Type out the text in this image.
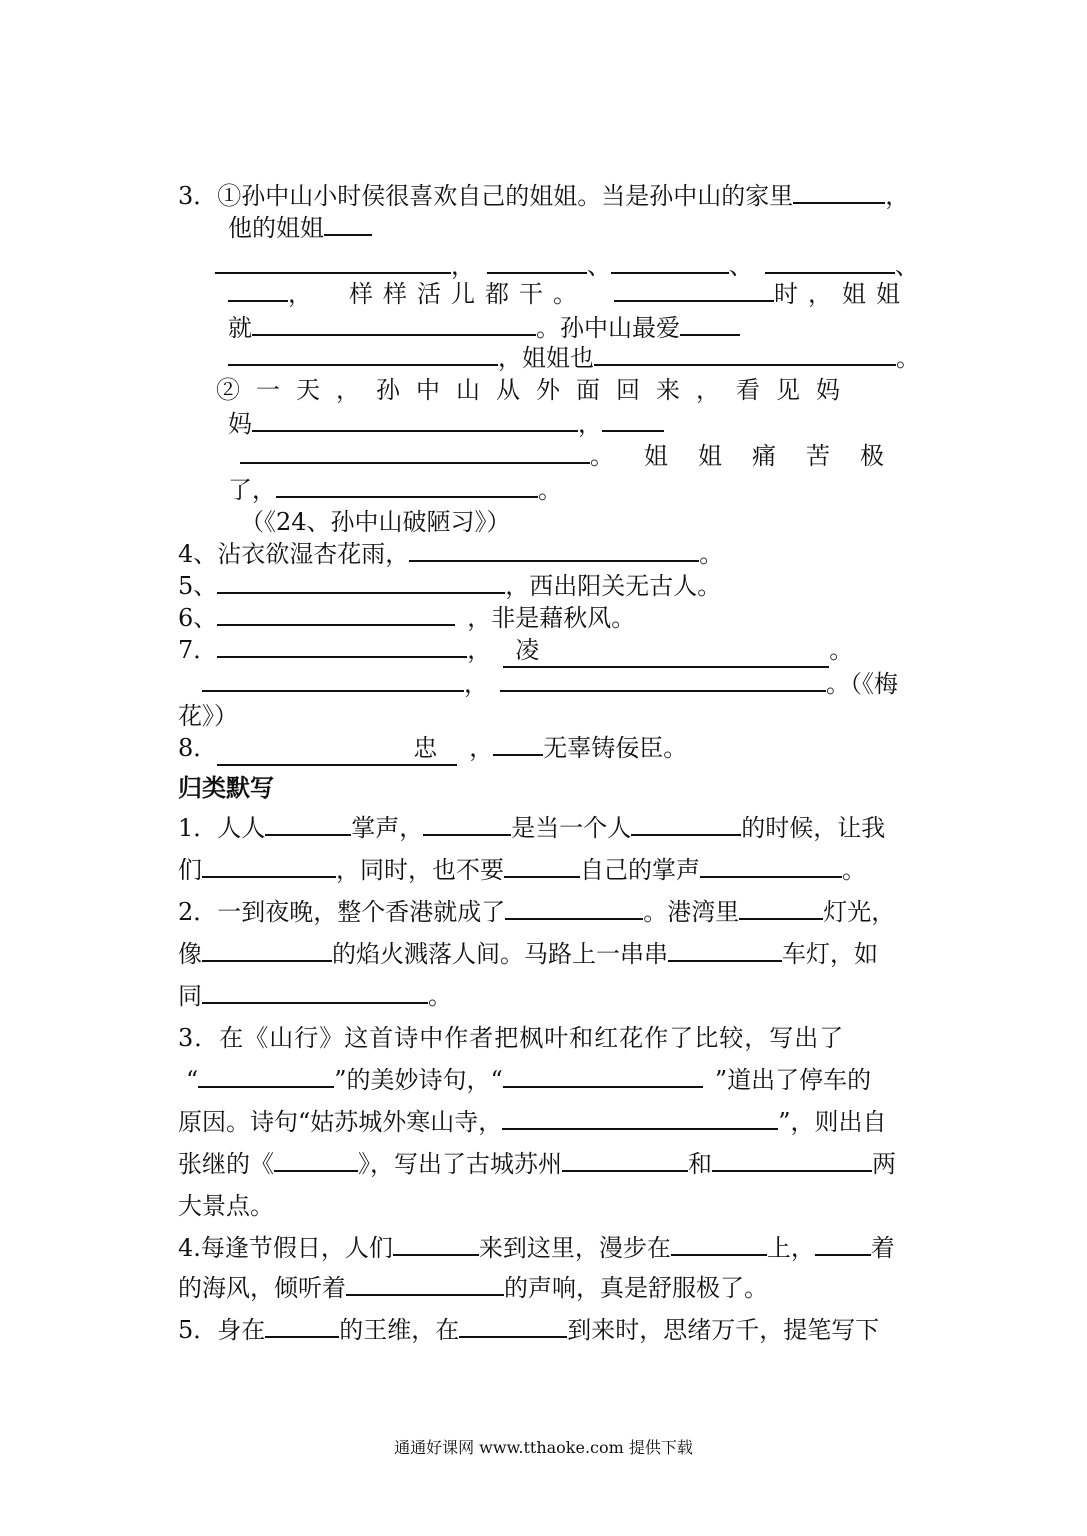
3．①孙中山小时侯很喜欢自己的姐姐。当是孙中山的家里	，
他的姐姐
，	、	、	、
， 样样活儿都干。	时，姐姐
就	。孙中山最爱
，姐姐也	。
②一天，孙中山从外面回来，看见妈
妈	，
。姐姐痛苦极
了，	。
（《24、孙中山破陋习》）
4、沾衣欲湿杏花雨，	。
5、	，西出阳关无古人。
6、	，非是藉秋风。
7．	， 凌	。
，	。（《梅
花》）
8．	忠 ， 无辜铸佞臣。
归类默写
1．人人	掌声，	是当一个人	的时候，让我
们	，同时，也不要	自己的掌声	。
2．一到夜晚，整个香港就成了	。港湾里	灯光，
像	的焰火溅落人间。马路上一串串	车灯，如
同	。
3．在《山行》这首诗中作者把枫叶和红花作了比较，写出了
“	”的美妙诗句，“	”道出了停车的
原因。诗句“姑苏城外寒山寺，	”，则出自
张继的《	》，写出了古城苏州	和	两
大景点。
4.每逢节假日，人们	来到这里，漫步在	上， 着
的海风，倾听着	的声响，真是舒服极了。
5．身在	的王维，在	到来时，思绪万千，提笔写下
通通好课网 www.tthaoke.com 提供下载
